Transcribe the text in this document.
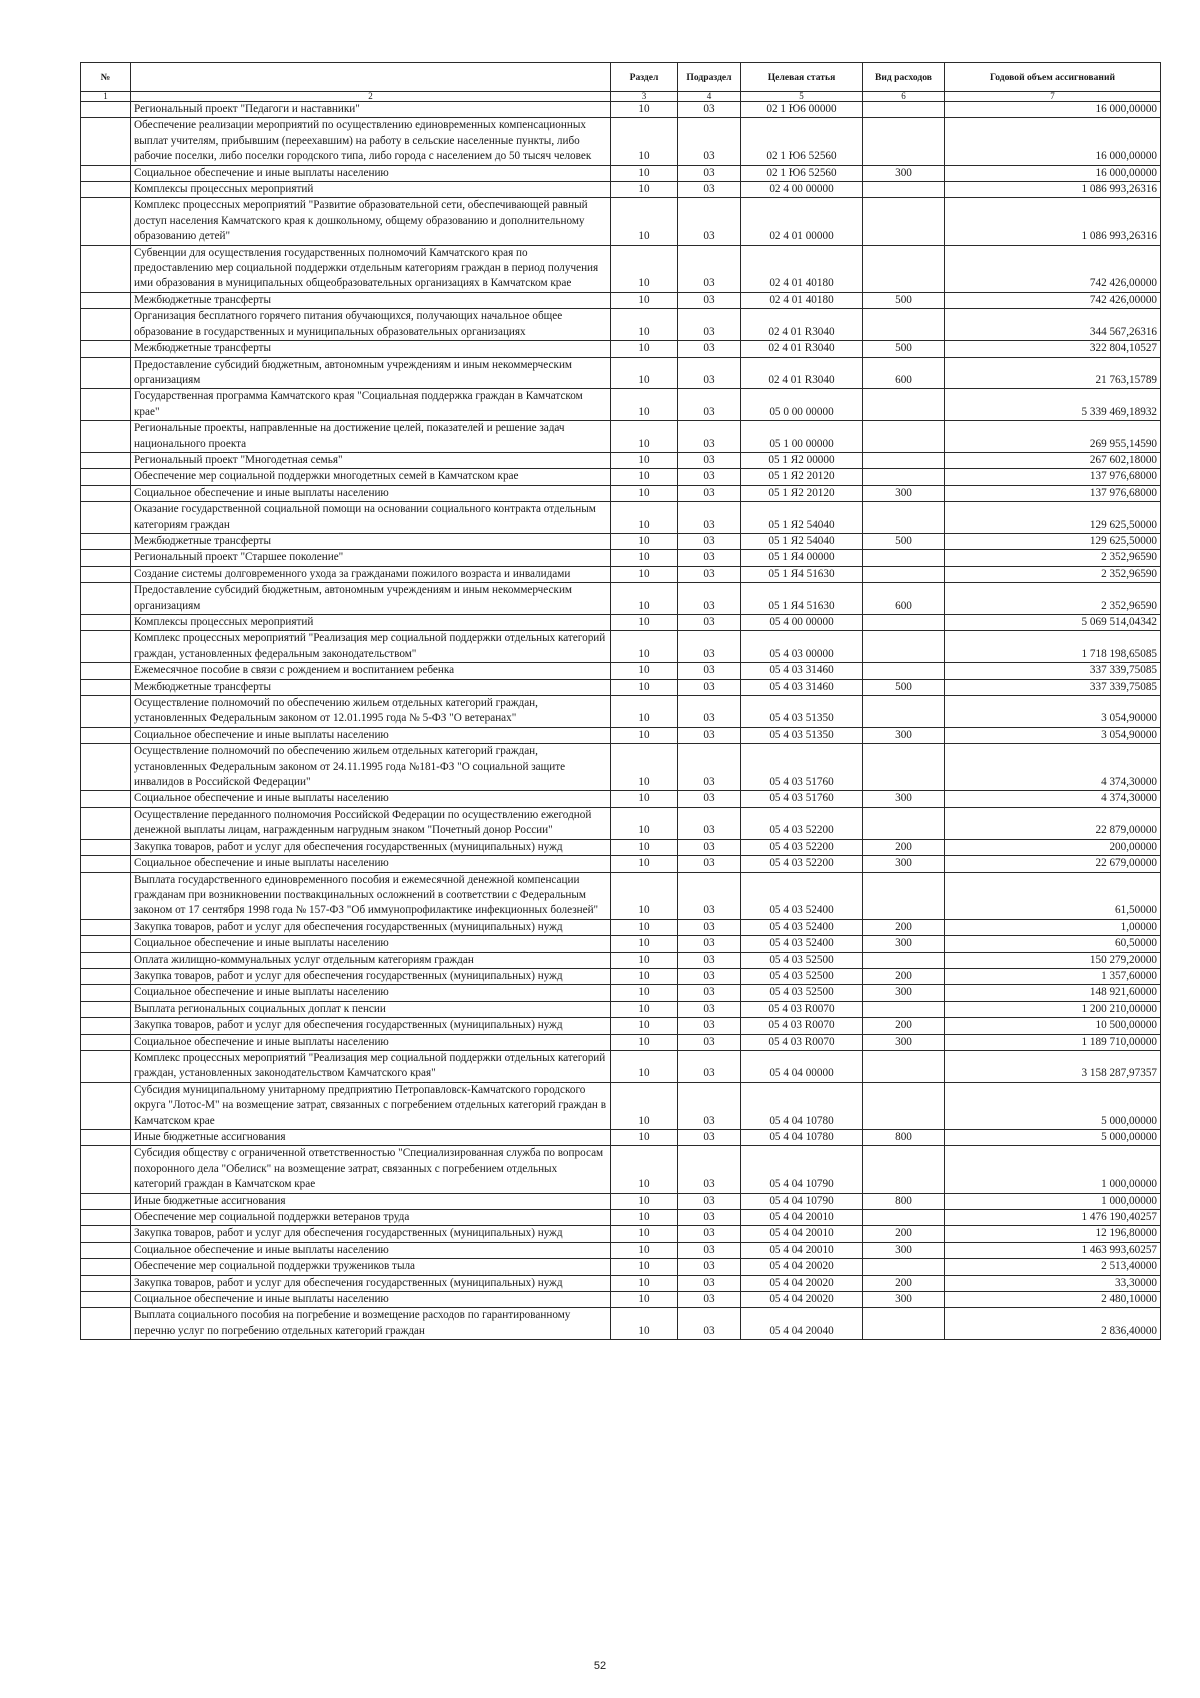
№		Раздел	Подраздел	Целевая статья	Вид расходов	Годовой объем ассигнований
1	2	3	4	5	6	7
	Региональный проект "Педагоги и наставники"	10	03	02 1 Ю6 00000		16 000,00000
	Обеспечение реализации мероприятий по осуществлению единовременных компенсационных выплат учителям, прибывшим (переехавшим) на работу в сельские населенные пункты, либо рабочие поселки, либо поселки городского типа, либо города с населением до 50 тысяч человек	10	03	02 1 Ю6 52560		16 000,00000
	Социальное обеспечение и иные выплаты населению	10	03	02 1 Ю6 52560	300	16 000,00000
	Комплексы процессных мероприятий	10	03	02 4 00 00000		1 086 993,26316
	Комплекс процессных мероприятий "Развитие образовательной сети, обеспечивающей равный доступ населения Камчатского края к дошкольному, общему образованию и дополнительному образованию детей"	10	03	02 4 01 00000		1 086 993,26316
	Субвенции для осуществления государственных полномочий Камчатского края по предоставлению мер социальной поддержки отдельным категориям граждан в период получения ими образования в муниципальных общеобразовательных организациях в Камчатском крае	10	03	02 4 01 40180		742 426,00000
	Межбюджетные трансферты	10	03	02 4 01 40180	500	742 426,00000
	Организация бесплатного горячего питания обучающихся, получающих начальное общее образование в государственных и муниципальных образовательных организациях	10	03	02 4 01 R3040		344 567,26316
	Межбюджетные трансферты	10	03	02 4 01 R3040	500	322 804,10527
	Предоставление субсидий бюджетным, автономным учреждениям и иным некоммерческим организациям	10	03	02 4 01 R3040	600	21 763,15789
	Государственная программа Камчатского края "Социальная поддержка граждан в Камчатском крае"	10	03	05 0 00 00000		5 339 469,18932
	Региональные проекты, направленные на достижение целей, показателей и решение задач национального проекта	10	03	05 1 00 00000		269 955,14590
	Региональный проект "Многодетная семья"	10	03	05 1 Я2 00000		267 602,18000
	Обеспечение мер социальной поддержки многодетных семей в Камчатском крае	10	03	05 1 Я2 20120		137 976,68000
	Социальное обеспечение и иные выплаты населению	10	03	05 1 Я2 20120	300	137 976,68000
	Оказание государственной социальной помощи на основании социального контракта отдельным категориям граждан	10	03	05 1 Я2 54040		129 625,50000
	Межбюджетные трансферты	10	03	05 1 Я2 54040	500	129 625,50000
	Региональный проект "Старшее поколение"	10	03	05 1 Я4 00000		2 352,96590
	Создание системы долговременного ухода за гражданами пожилого возраста и инвалидами	10	03	05 1 Я4 51630		2 352,96590
	Предоставление субсидий бюджетным, автономным учреждениям и иным некоммерческим организациям	10	03	05 1 Я4 51630	600	2 352,96590
	Комплексы процессных мероприятий	10	03	05 4 00 00000		5 069 514,04342
	Комплекс процессных мероприятий "Реализация мер социальной поддержки отдельных категорий граждан, установленных федеральным законодательством"	10	03	05 4 03 00000		1 718 198,65085
	Ежемесячное пособие в связи с рождением и воспитанием ребенка	10	03	05 4 03 31460		337 339,75085
	Межбюджетные трансферты	10	03	05 4 03 31460	500	337 339,75085
	Осуществление полномочий по обеспечению жильем отдельных категорий граждан, установленных Федеральным законом от 12.01.1995 года № 5-ФЗ "О ветеранах"	10	03	05 4 03 51350		3 054,90000
	Социальное обеспечение и иные выплаты населению	10	03	05 4 03 51350	300	3 054,90000
	Осуществление полномочий по обеспечению жильем отдельных категорий граждан, установленных Федеральным законом от 24.11.1995 года №181-ФЗ "О социальной защите инвалидов в Российской Федерации"	10	03	05 4 03 51760		4 374,30000
	Социальное обеспечение и иные выплаты населению	10	03	05 4 03 51760	300	4 374,30000
	Осуществление переданного полномочия Российской Федерации по осуществлению ежегодной денежной выплаты лицам, награжденным нагрудным знаком "Почетный донор России"	10	03	05 4 03 52200		22 879,00000
	Закупка товаров, работ и услуг для обеспечения государственных (муниципальных) нужд	10	03	05 4 03 52200	200	200,00000
	Социальное обеспечение и иные выплаты населению	10	03	05 4 03 52200	300	22 679,00000
	Выплата государственного единовременного пособия и ежемесячной денежной компенсации гражданам при возникновении поствакцинальных осложнений в соответствии с Федеральным законом от 17 сентября 1998 года № 157-ФЗ "Об иммунопрофилактике инфекционных болезней"	10	03	05 4 03 52400		61,50000
	Закупка товаров, работ и услуг для обеспечения государственных (муниципальных) нужд	10	03	05 4 03 52400	200	1,00000
	Социальное обеспечение и иные выплаты населению	10	03	05 4 03 52400	300	60,50000
	Оплата жилищно-коммунальных услуг отдельным категориям граждан	10	03	05 4 03 52500		150 279,20000
	Закупка товаров, работ и услуг для обеспечения государственных (муниципальных) нужд	10	03	05 4 03 52500	200	1 357,60000
	Социальное обеспечение и иные выплаты населению	10	03	05 4 03 52500	300	148 921,60000
	Выплата региональных социальных доплат к пенсии	10	03	05 4 03 R0070		1 200 210,00000
	Закупка товаров, работ и услуг для обеспечения государственных (муниципальных) нужд	10	03	05 4 03 R0070	200	10 500,00000
	Социальное обеспечение и иные выплаты населению	10	03	05 4 03 R0070	300	1 189 710,00000
	Комплекс процессных мероприятий "Реализация мер социальной поддержки отдельных категорий граждан, установленных законодательством Камчатского края"	10	03	05 4 04 00000		3 158 287,97357
	Субсидия муниципальному унитарному предприятию Петропавловск-Камчатского городского округа "Лотос-М" на возмещение затрат, связанных с погребением отдельных категорий граждан в Камчатском крае	10	03	05 4 04 10780		5 000,00000
	Иные бюджетные ассигнования	10	03	05 4 04 10780	800	5 000,00000
	Субсидия обществу с ограниченной ответственностью "Специализированная служба по вопросам похоронного дела "Обелиск" на возмещение затрат, связанных с погребением отдельных категорий граждан в Камчатском крае	10	03	05 4 04 10790		1 000,00000
	Иные бюджетные ассигнования	10	03	05 4 04 10790	800	1 000,00000
	Обеспечение мер социальной поддержки ветеранов труда	10	03	05 4 04 20010		1 476 190,40257
	Закупка товаров, работ и услуг для обеспечения государственных (муниципальных) нужд	10	03	05 4 04 20010	200	12 196,80000
	Социальное обеспечение и иные выплаты населению	10	03	05 4 04 20010	300	1 463 993,60257
	Обеспечение мер социальной поддержки тружеников тыла	10	03	05 4 04 20020		2 513,40000
	Закупка товаров, работ и услуг для обеспечения государственных (муниципальных) нужд	10	03	05 4 04 20020	200	33,30000
	Социальное обеспечение и иные выплаты населению	10	03	05 4 04 20020	300	2 480,10000
	Выплата социального пособия на погребение и возмещение расходов по гарантированному перечню услуг по погребению отдельных категорий граждан	10	03	05 4 04 20040		2 836,40000
52
